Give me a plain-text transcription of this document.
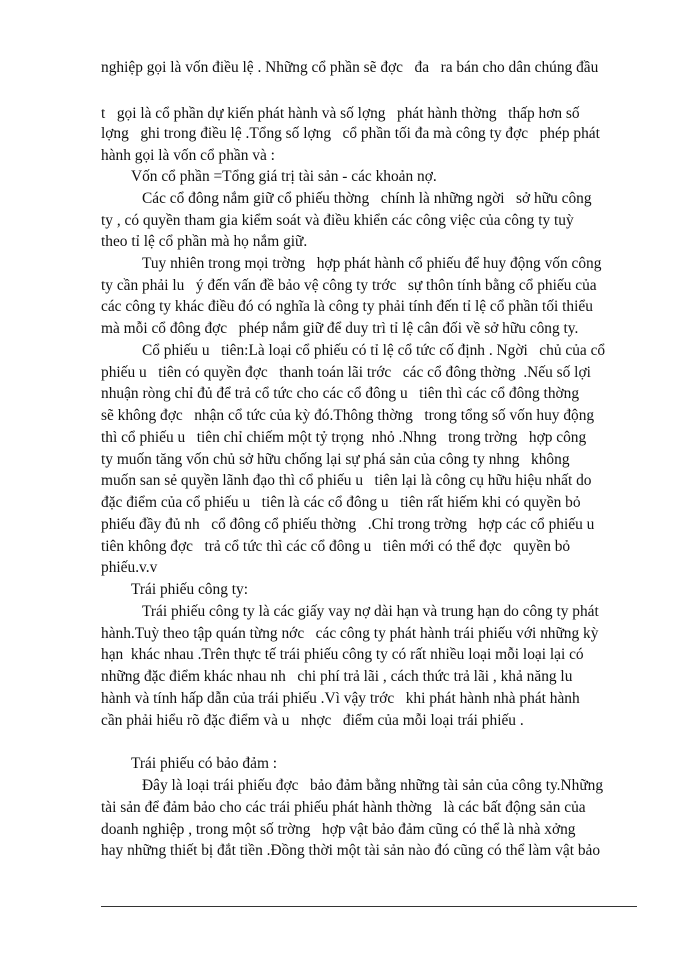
nghiệp gọi là vốn điều lệ . Những cổ phần sẽ đợc   đa   ra bán cho dân chúng đầu
t   gọi là cổ phần dự kiến phát hành và số lợng   phát hành thờng   thấp hơn số
lợng   ghi trong điều lệ .Tổng số lợng   cổ phần tối đa mà công ty đợc   phép phát
hành gọi là vốn cổ phần và :
Vốn cổ phần =Tổng giá trị tài sản - các khoản nợ.
Các cổ đông nắm giữ cổ phiếu thờng   chính là những ngời   sở hữu công
ty , có quyền tham gia kiểm soát và điều khiển các công việc của công ty tuỳ
theo tỉ lệ cổ phần mà họ nắm giữ.
Tuy nhiên trong mọi trờng   hợp phát hành cổ phiếu để huy động vốn công
ty cần phải lu   ý đến vấn đề bảo vệ công ty trớc   sự thôn tính bằng cổ phiếu của
các công ty khác điều đó có nghĩa là công ty phải tính đến tỉ lệ cổ phần tối thiểu
mà mỗi cổ đông đợc   phép nắm giữ để duy trì tỉ lệ cân đối về sở hữu công ty.
Cổ phiếu u   tiên:Là loại cổ phiếu có tỉ lệ cổ tức cố định . Ngời   chủ của cổ
phiếu u   tiên có quyền đợc   thanh toán lãi trớc   các cổ đông thờng  .Nếu số lợi
nhuận ròng chỉ đủ để trả cổ tức cho các cổ đông u   tiên thì các cổ đông thờng
sẽ không đợc   nhận cổ tức của kỳ đó.Thông thờng   trong tổng số vốn huy động
thì cổ phiếu u   tiên chỉ chiếm một tỷ trọng  nhỏ .Nhng   trong trờng   hợp công
ty muốn tăng vốn chủ sở hữu chống lại sự phá sản của công ty nhng   không
muốn san sẻ quyền lãnh đạo thì cổ phiếu u   tiên lại là công cụ hữu hiệu nhất do
đặc điểm của cổ phiếu u   tiên là các cổ đông u   tiên rất hiếm khi có quyền bỏ
phiếu đầy đủ nh   cổ đông cổ phiếu thờng   .Chỉ trong trờng   hợp các cổ phiếu u
tiên không đợc   trả cổ tức thì các cổ đông u   tiên mới có thể đợc   quyền bỏ
phiếu.v.v
Trái phiếu công ty:
Trái phiếu công ty là các giấy vay nợ dài hạn và trung hạn do công ty phát
hành.Tuỳ theo tập quán từng nớc   các công ty phát hành trái phiếu với những kỳ
hạn  khác nhau .Trên thực tế trái phiếu công ty có rất nhiều loại mỗi loại lại có
những đặc điểm khác nhau nh   chi phí trả lãi , cách thức trả lãi , khả năng lu
hành và tính hấp dẫn của trái phiếu .Vì vậy trớc   khi phát hành nhà phát hành
cần phải hiểu rõ đặc điểm và u   nhợc   điểm của mỗi loại trái phiếu .
Trái phiếu có bảo đảm :
Đây là loại trái phiếu đợc   bảo đảm bằng những tài sản của công ty.Những
tài sản để đảm bảo cho các trái phiếu phát hành thờng   là các bất động sản của
doanh nghiệp , trong một số trờng   hợp vật bảo đảm cũng có thể là nhà xởng
hay những thiết bị đắt tiền .Đồng thời một tài sản nào đó cũng có thể làm vật bảo
